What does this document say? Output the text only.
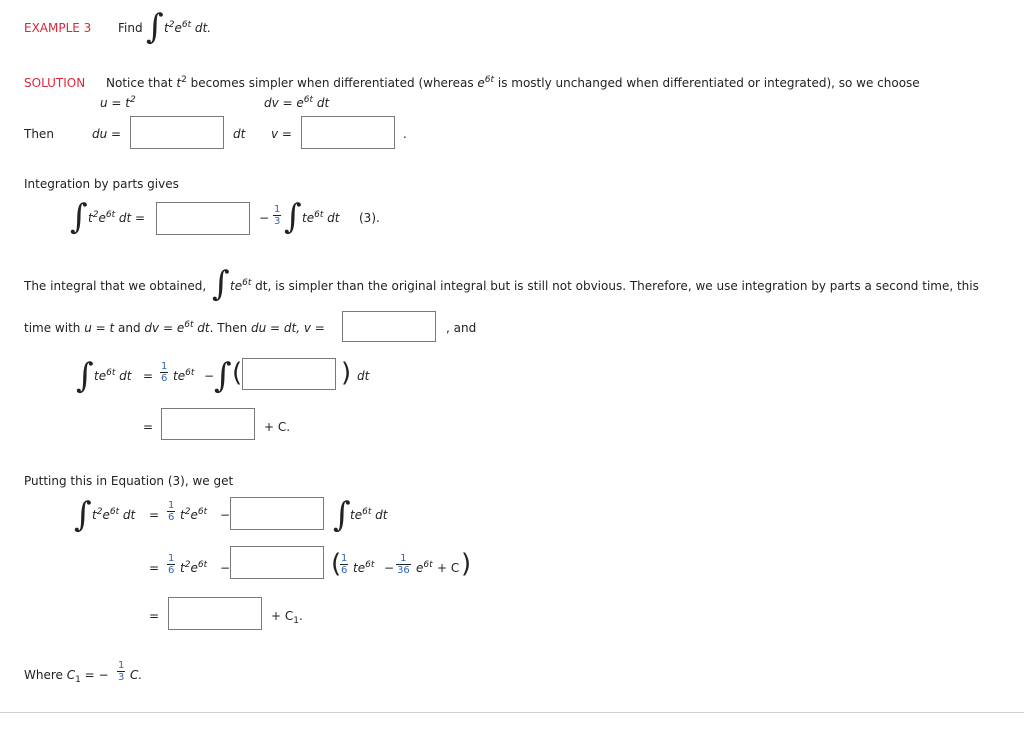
EXAMPLE 3 Find ∫ $t^2e^{6t}$ dt.
SOLUTION Notice that $t^2$ becomes simpler when differentiated (whereas $e^{6t}$ is mostly unchanged when differentiated or integrated), so we choose
$u = t^2$	dv = $e^{6t}$ dt
Then	du =	dt v =	.
Integration by parts gives
∫ $t^2e^{6t}$ dt =	− $\frac{1}{3}$ ∫ $te^{6t}$ dt (3).
The integral that we obtained, ∫ $te^{6t}$ dt, is simpler than the original integral but is still not obvious. Therefore, we use integration by parts a second time, this
time with u = t and dv = $e^{6t}$ dt. Then du = dt, v =	, and
∫ $te^{6t}$ dt = $\frac{1}{6} te^{6t}$ − ∫ (	) dt
=	+ C.
Putting this in Equation (3), we get
∫ $t^2e^{6t}$ dt = $\frac{1}{6} t^2e^{6t}$ −	∫ $te^{6t}$ dt
= $\frac{1}{6} t^2e^{6t}$ −	(
$\frac{1}{6} te^{6t} - \frac{1}{36} e^{6t} + C$ )
=	+ $C_1$.
Where $C_1$ = − $\frac{1}{3} C$.
